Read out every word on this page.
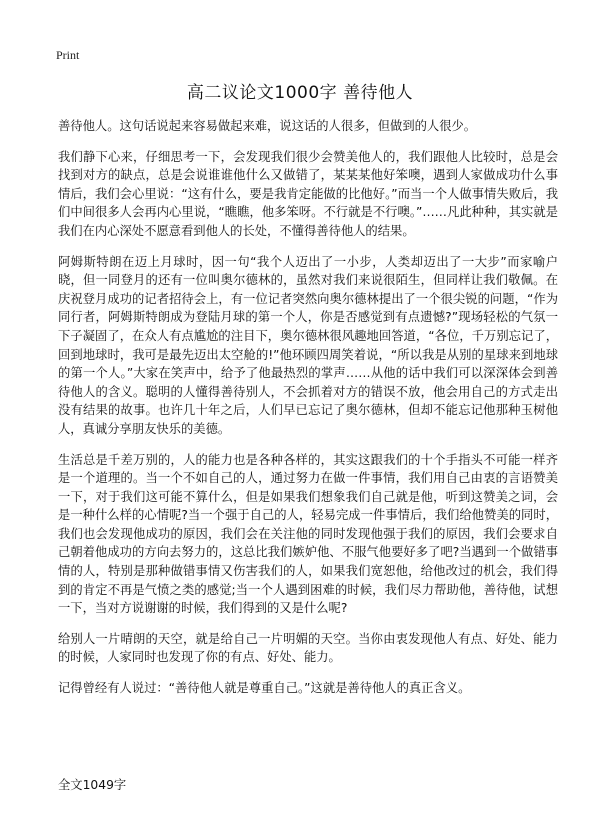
Print
高二议论文1000字 善待他人

善待他人。这句话说起来容易做起来难，说这话的人很多，但做到的人很少。

我们静下心来，仔细思考一下，会发现我们很少会赞美他人的，我们跟他人比较时，总是会找到对方的缺点，总是会说谁谁他什么又做错了，某某某他好笨噢，遇到人家做成功什么事情后，我们会心里说：“这有什么，要是我肯定能做的比他好。”而当一个人做事情失败后，我们中间很多人会再内心里说，“瞧瞧，他多笨呀。不行就是不行噢。”……凡此种种，其实就是我们在内心深处不愿意看到他人的长处，不懂得善待他人的结果。

阿姆斯特朗在迈上月球时，因一句“我个人迈出了一小步，人类却迈出了一大步”而家喻户晓，但一同登月的还有一位叫奥尔德林的，虽然对我们来说很陌生，但同样让我们敬佩。在庆祝登月成功的记者招待会上，有一位记者突然向奥尔德林提出了一个很尖锐的问题，“作为同行者，阿姆斯特朗成为登陆月球的第一个人，你是否感觉到有点遗憾?”现场轻松的气氛一下子凝固了，在众人有点尴尬的注目下，奥尔德林很风趣地回答道，“各位，千万别忘记了，回到地球时，我可是最先迈出太空舱的!”他环顾四周笑着说，“所以我是从别的星球来到地球的第一个人。”大家在笑声中，给予了他最热烈的掌声……从他的话中我们可以深深体会到善待他人的含义。聪明的人懂得善待别人，不会抓着对方的错误不放，他会用自己的方式走出没有结果的故事。也许几十年之后，人们早已忘记了奥尔德林，但却不能忘记他那种玉树他人，真诚分享朋友快乐的美德。

生活总是千差万别的，人的能力也是各种各样的，其实这跟我们的十个手指头不可能一样齐是一个道理的。当一个不如自己的人，通过努力在做一件事情，我们用自己由衷的言语赞美一下，对于我们这可能不算什么，但是如果我们想象我们自己就是他，听到这赞美之词，会是一种什么样的心情呢?当一个强于自己的人，轻易完成一件事情后，我们给他赞美的同时，我们也会发现他成功的原因，我们会在关注他的同时发现他强于我们的原因，我们会要求自己朝着他成功的方向去努力的，这总比我们嫉妒他、不服气他要好多了吧?当遇到一个做错事情的人，特别是那种做错事情又伤害我们的人，如果我们宽恕他，给他改过的机会，我们得到的肯定不再是气愤之类的感觉;当一个人遇到困难的时候，我们尽力帮助他，善待他，试想一下，当对方说谢谢的时候，我们得到的又是什么呢?

给别人一片晴朗的天空，就是给自己一片明媚的天空。当你由衷发现他人有点、好处、能力的时候，人家同时也发现了你的有点、好处、能力。

记得曾经有人说过：“善待他人就是尊重自己。”这就是善待他人的真正含义。

全文1049字
